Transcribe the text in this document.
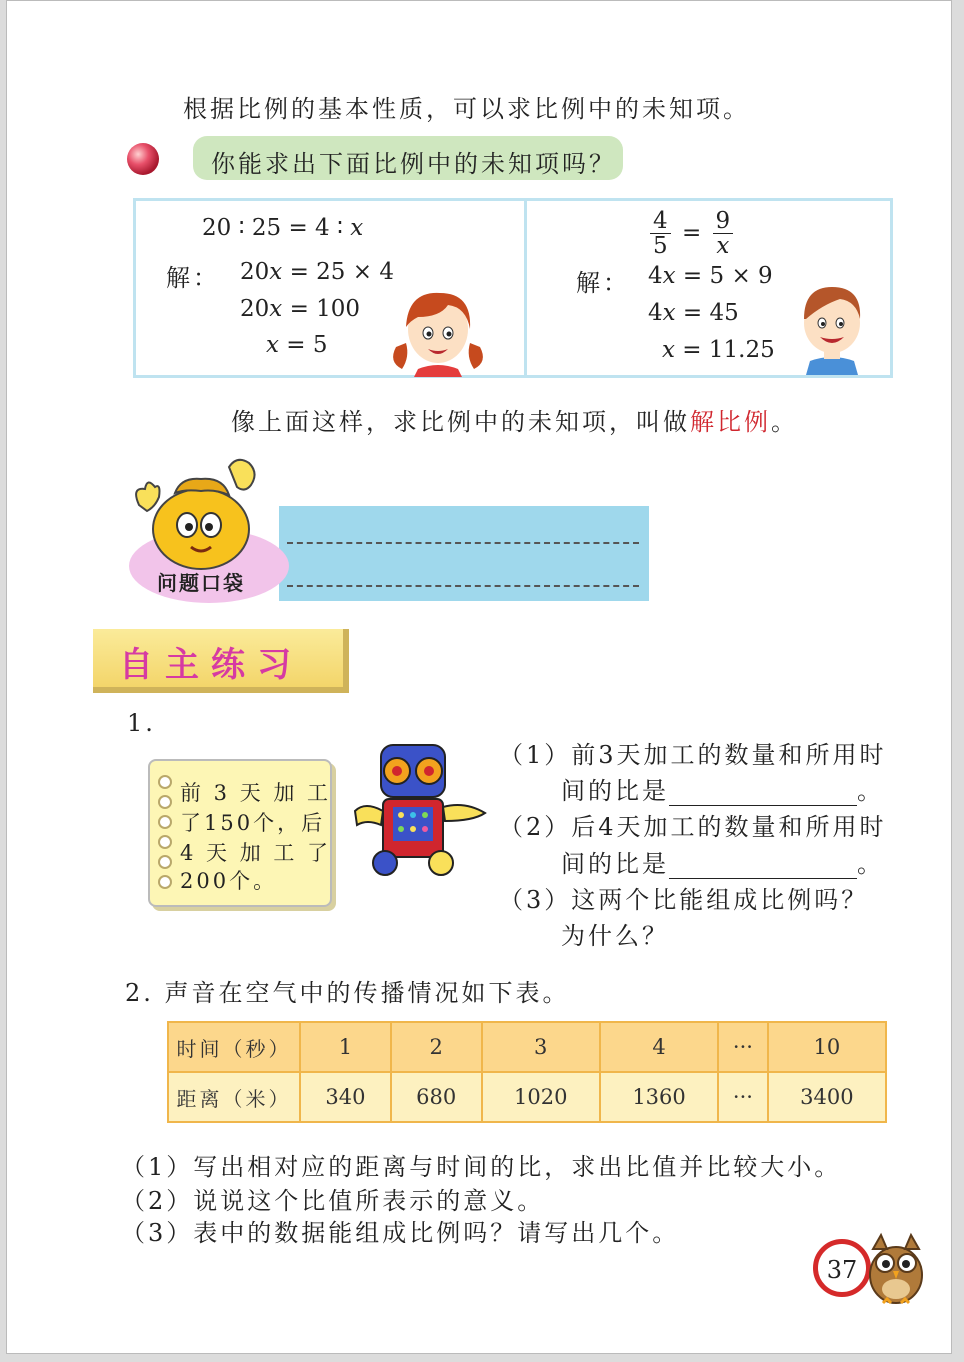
根据比例的基本性质，可以求比例中的未知项。
你能求出下面比例中的未知项吗？
20 ∶ 25 = 4 ∶ x
解： 20x = 25 × 4
20x = 100
x = 5
$\frac{4}{5} = \frac{9}{x}$
解： 4x = 5 × 9
4x = 45
x = 11.25
像上面这样，求比例中的未知项，叫做解比例。
问题口袋
自主练习
1.
前 3 天 加 工
了150个，后
4 天 加 工 了
200个。
（1）前3天加工的数量和所用时
间的比是	。
（2）后4天加工的数量和所用时
间的比是	。
（3）这两个比能组成比例吗？
为什么？
2. 声音在空气中的传播情况如下表。
时间（秒）	1	2	3	4	···	10
距离（米）	340	680	1020	1360	···	3400
（1）写出相对应的距离与时间的比，求出比值并比较大小。
（2）说说这个比值所表示的意义。
（3）表中的数据能组成比例吗？请写出几个。
37
